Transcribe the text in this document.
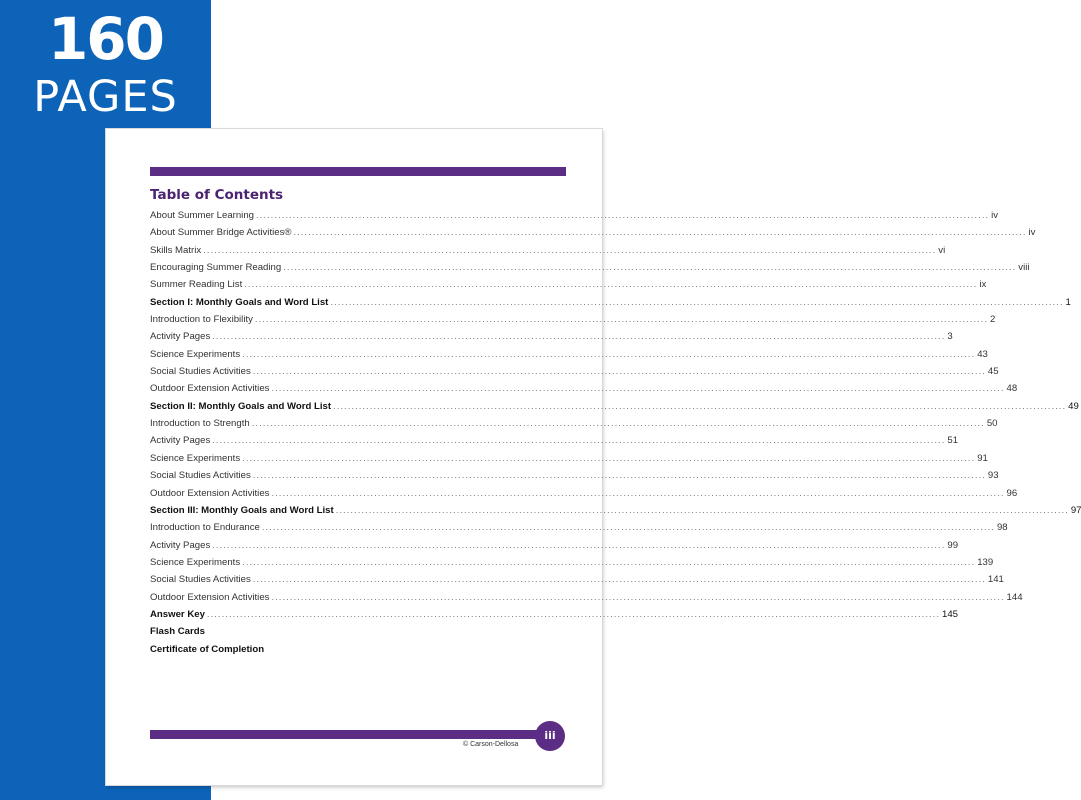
160
PAGES
Table of Contents
About Summer Learning ........................................................................................................................................................................................................ iv
About Summer Bridge Activities® ........................................................................................................................................................................................................ iv
Skills Matrix ........................................................................................................................................................................................................ vi
Encouraging Summer Reading ........................................................................................................................................................................................................ viii
Summer Reading List ........................................................................................................................................................................................................ ix
Section I: Monthly Goals and Word List ........................................................................................................................................................................................................ 1
Introduction to Flexibility ........................................................................................................................................................................................................ 2
Activity Pages ........................................................................................................................................................................................................ 3
Science Experiments ........................................................................................................................................................................................................ 43
Social Studies Activities ........................................................................................................................................................................................................ 45
Outdoor Extension Activities ........................................................................................................................................................................................................ 48
Section II: Monthly Goals and Word List ........................................................................................................................................................................................................ 49
Introduction to Strength ........................................................................................................................................................................................................ 50
Activity Pages ........................................................................................................................................................................................................ 51
Science Experiments ........................................................................................................................................................................................................ 91
Social Studies Activities ........................................................................................................................................................................................................ 93
Outdoor Extension Activities ........................................................................................................................................................................................................ 96
Section III: Monthly Goals and Word List ........................................................................................................................................................................................................ 97
Introduction to Endurance ........................................................................................................................................................................................................ 98
Activity Pages ........................................................................................................................................................................................................ 99
Science Experiments ........................................................................................................................................................................................................ 139
Social Studies Activities ........................................................................................................................................................................................................ 141
Outdoor Extension Activities ........................................................................................................................................................................................................ 144
Answer Key ........................................................................................................................................................................................................ 145
Flash Cards
Certificate of Completion
iii
© Carson-Dellosa
